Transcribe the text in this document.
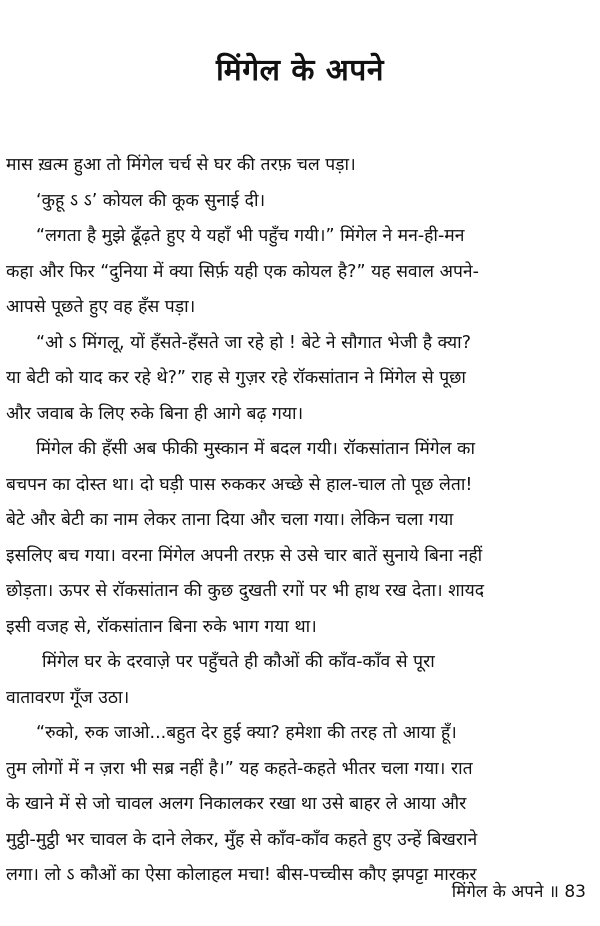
मिंगेल के अपने
मास ख़त्म हुआ तो मिंगेल चर्च से घर की तरफ़ चल पड़ा।
‘कुहू ऽ ऽ’ कोयल की कूक सुनाई दी।
“लगता है मुझे ढूँढ़ते हुए ये यहाँ भी पहुँच गयी।” मिंगेल ने मन-ही-मन
कहा और फिर “दुनिया में क्या सिर्फ़ यही एक कोयल है?” यह सवाल अपने-
आपसे पूछते हुए वह हँस पड़ा।
“ओ ऽ मिंगलू, यों हँसते-हँसते जा रहे हो ! बेटे ने सौगात भेजी है क्या?
या बेटी को याद कर रहे थे?” राह से गुज़र रहे रॉकसांतान ने मिंगेल से पूछा
और जवाब के लिए रुके बिना ही आगे बढ़ गया।
मिंगेल की हँसी अब फीकी मुस्कान में बदल गयी। रॉकसांतान मिंगेल का
बचपन का दोस्त था। दो घड़ी पास रुककर अच्छे से हाल-चाल तो पूछ लेता!
बेटे और बेटी का नाम लेकर ताना दिया और चला गया। लेकिन चला गया
इसलिए बच गया। वरना मिंगेल अपनी तरफ़ से उसे चार बातें सुनाये बिना नहीं
छोड़ता। ऊपर से रॉकसांतान की कुछ दुखती रगों पर भी हाथ रख देता। शायद
इसी वजह से, रॉकसांतान बिना रुके भाग गया था।
मिंगेल घर के दरवाज़े पर पहुँचते ही कौओं की काँव-काँव से पूरा
वातावरण गूँज उठा।
“रुको, रुक जाओ...बहुत देर हुई क्या? हमेशा की तरह तो आया हूँ।
तुम लोगों में न ज़रा भी सब्र नहीं है।” यह कहते-कहते भीतर चला गया। रात
के खाने में से जो चावल अलग निकालकर रखा था उसे बाहर ले आया और
मुट्ठी-मुट्ठी भर चावल के दाने लेकर, मुँह से काँव-काँव कहते हुए उन्हें बिखराने
लगा। लो ऽ कौओं का ऐसा कोलाहल मचा! बीस-पच्चीस कौए झपट्टा मारकर
मिंगेल के अपने ॥ 83
